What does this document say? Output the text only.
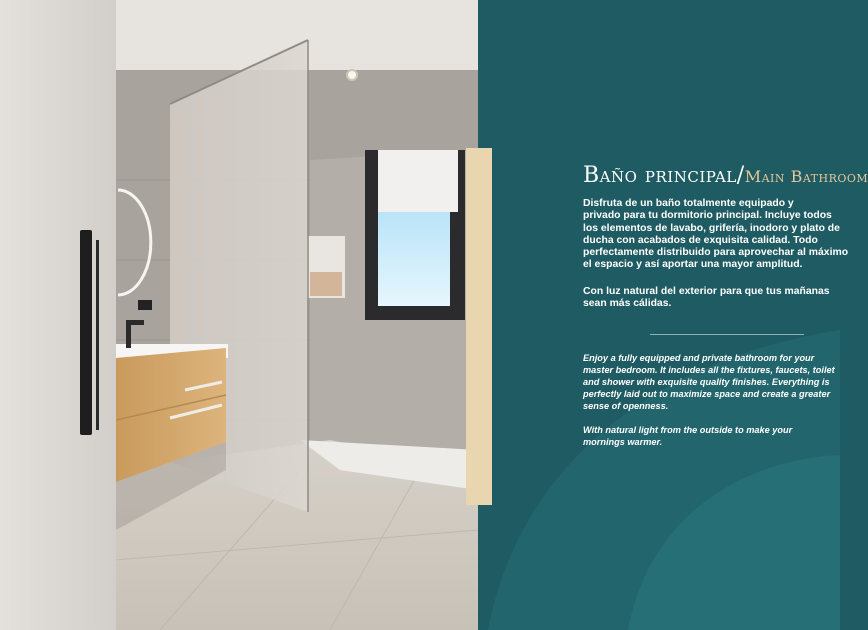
Baño principal/Main Bathroom

Disfruta de un baño totalmente equipado y
privado para tu dormitorio principal. Incluye todos
los elementos de lavabo, grifería, inodoro y plato de
ducha con acabados de exquisita calidad. Todo
perfectamente distribuido para aprovechar al máximo
el espacio y así aportar una mayor amplitud.

Con luz natural del exterior para que tus mañanas
sean más cálidas.

Enjoy a fully equipped and private bathroom for your
master bedroom. It includes all the fixtures, faucets, toilet
and shower with exquisite quality finishes. Everything is
perfectly laid out to maximize space and create a greater
sense of openness.

With natural light from the outside to make your
mornings warmer.
